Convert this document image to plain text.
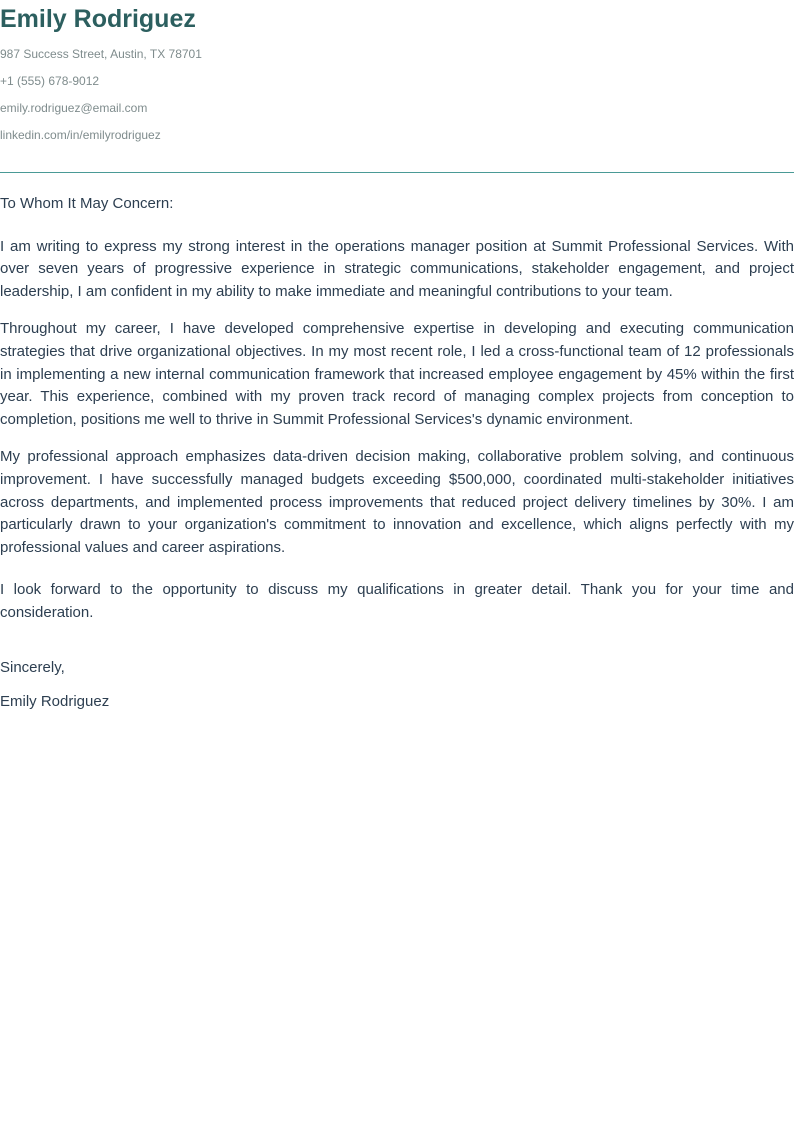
Emily Rodriguez

987 Success Street, Austin, TX 78701

+1 (555) 678-9012

emily.rodriguez@email.com

linkedin.com/in/emilyrodriguez

To Whom It May Concern:

I am writing to express my strong interest in the operations manager position at Summit Professional Services. With over seven years of progressive experience in strategic communications, stakeholder engagement, and project leadership, I am confident in my ability to make immediate and meaningful contributions to your team.

Throughout my career, I have developed comprehensive expertise in developing and executing communication strategies that drive organizational objectives. In my most recent role, I led a cross-functional team of 12 professionals in implementing a new internal communication framework that increased employee engagement by 45% within the first year. This experience, combined with my proven track record of managing complex projects from conception to completion, positions me well to thrive in Summit Professional Services's dynamic environment.

My professional approach emphasizes data-driven decision making, collaborative problem solving, and continuous improvement. I have successfully managed budgets exceeding $500,000, coordinated multi-stakeholder initiatives across departments, and implemented process improvements that reduced project delivery timelines by 30%. I am particularly drawn to your organization's commitment to innovation and excellence, which aligns perfectly with my professional values and career aspirations.

I look forward to the opportunity to discuss my qualifications in greater detail. Thank you for your time and consideration.

Sincerely,

Emily Rodriguez
